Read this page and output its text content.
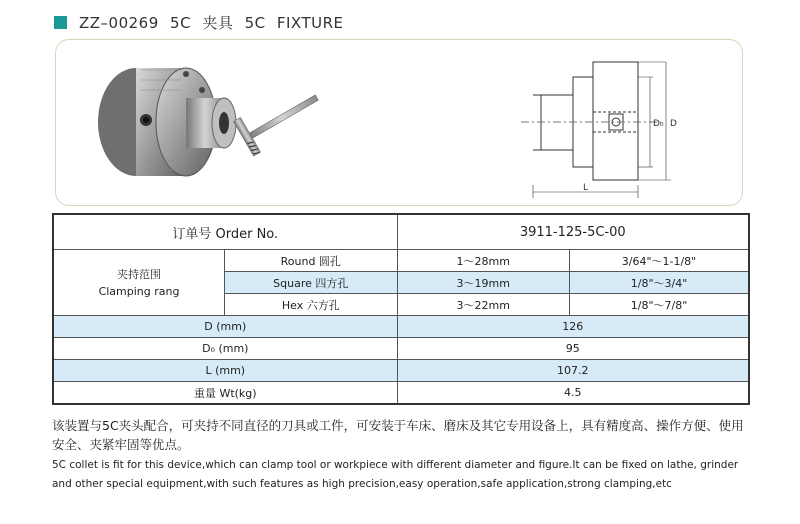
ZZ–00269 5C 夹具 5C FIXTURE
D₀ D
L
订单号 Order No.		3911-125-5C-00	

夹持范围
Clamping rang	Round 圆孔	1～28mm	3/64"～1-1/8"
	Square 四方孔	3～19mm	1/8"～3/4"
	Hex 六方孔	3～22mm	1/8"～7/8"
D (mm)		126	
D₀ (mm)		95	
L (mm)		107.2	
重量 Wt(kg)		4.5	
该装置与5C夹头配合，可夹持不同直径的刀具或工件，可安装于车床、磨床及其它专用设备上，具有精度高、操作方便、使用安全、夹紧牢固等优点。
5C collet is fit for this device,which can clamp tool or workpiece with different diameter and figure.It can be fixed on lathe, grinder and other special equipment,with such features as high precision,easy operation,safe application,strong clamping,etc
